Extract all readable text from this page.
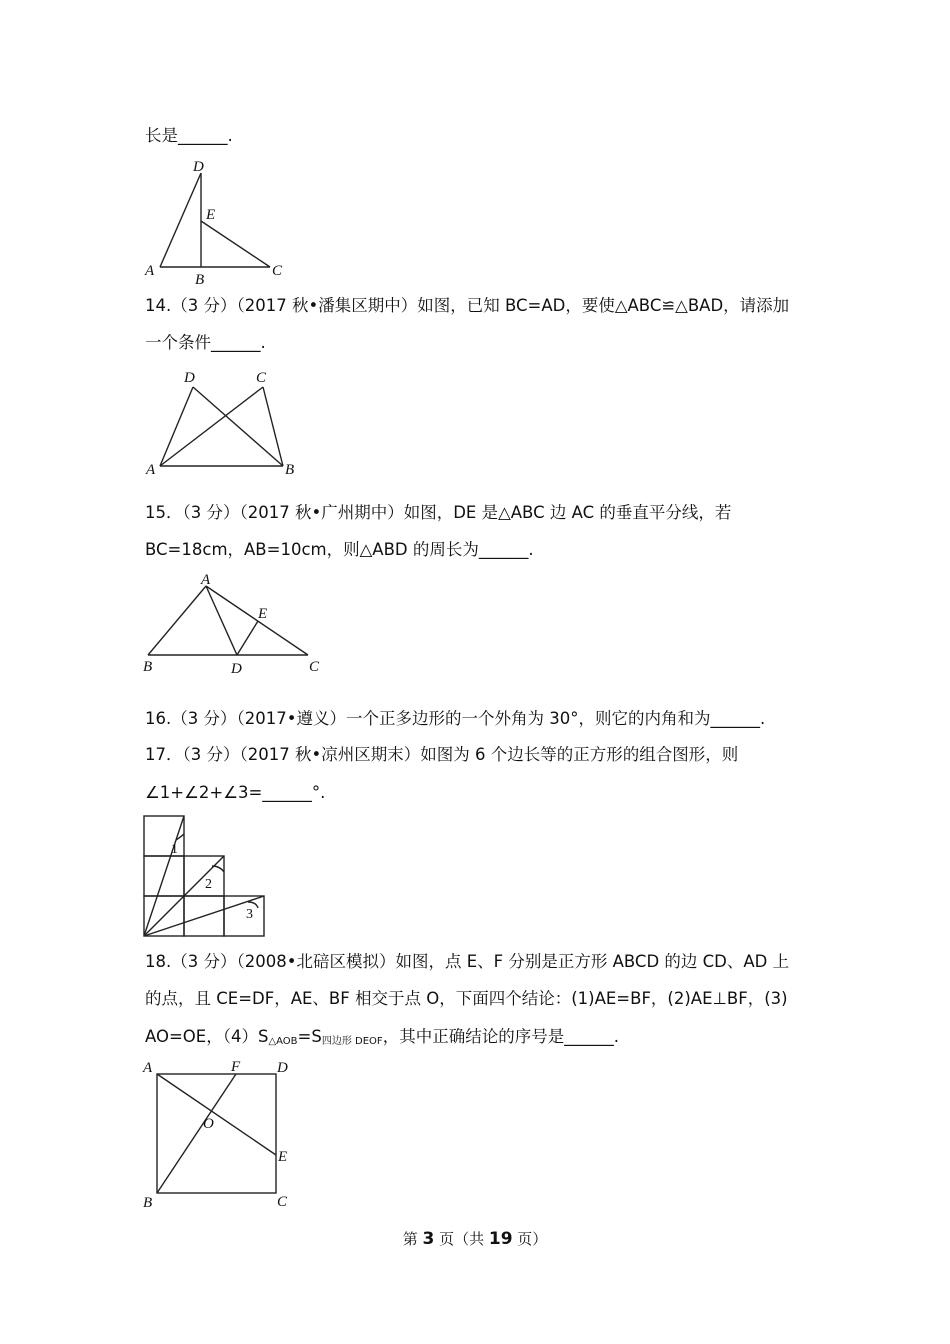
长是______.
D
E
A
B
C
14.（3 分）（2017 秋•潘集区期中）如图，已知 BC=AD，要使△ABC≌△BAD，请添加
一个条件______.
D	C
A	B
15．（3 分）（2017 秋•广州期中）如图，DE 是△ABC 边 AC 的垂直平分线，若
BC=18cm，AB=10cm，则△ABD 的周长为______.
A
E
B	D	C
16.（3 分）（2017•遵义）一个正多边形的一个外角为 30°，则它的内角和为______.
17．（3 分）（2017 秋•凉州区期末）如图为 6 个边长等的正方形的组合图形，则
∠1+∠2+∠3=______°.
1
2
3
18.（3 分）（2008•北碚区模拟）如图，点 E、F 分别是正方形 ABCD 的边 CD、AD 上
的点，且 CE=DF，AE、BF 相交于点 O，下面四个结论：(1)AE=BF，(2)AE⊥BF，(3)
AO=OE，$(4)S_{\triangle AOB}=S_{四边形 DEOF}$，其中正确结论的序号是______.
A	F D
O
E
B	C
第 3 页（共 19 页）
